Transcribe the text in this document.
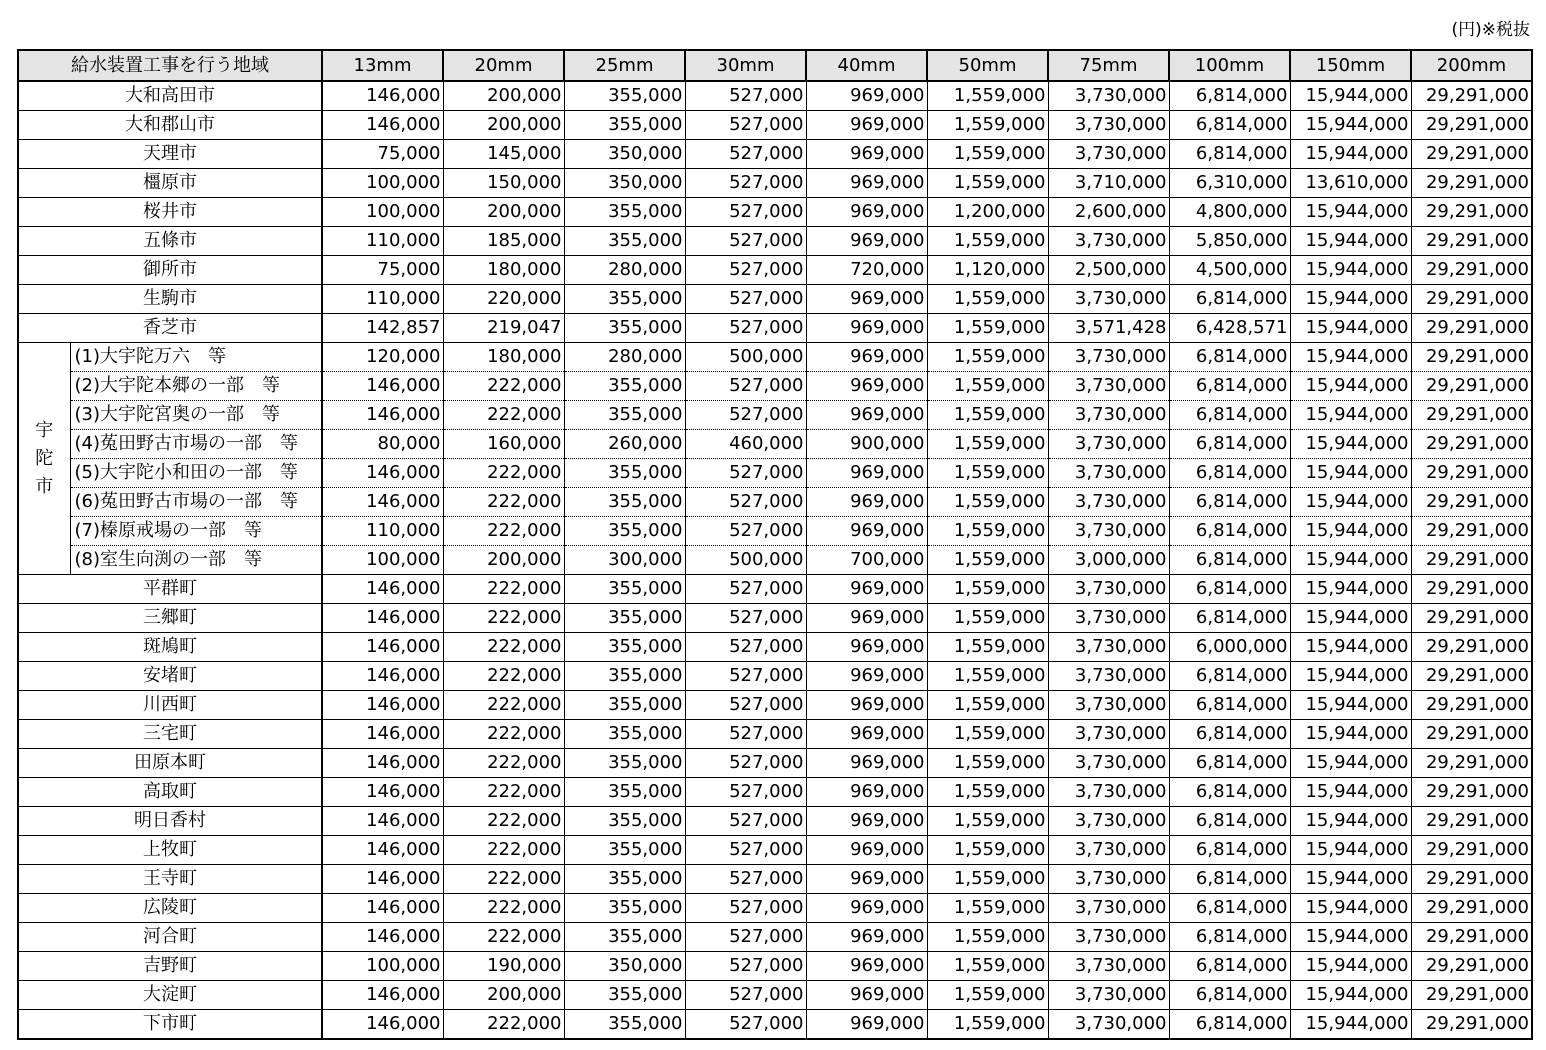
(円)※税抜
給水装置工事を行う地域		13mm	20mm	25mm	30mm	40mm	50mm	75mm	100mm	150mm	200mm
大和高田市		146,000	200,000	355,000	527,000	969,000	1,559,000	3,730,000	6,814,000	15,944,000	29,291,000
大和郡山市		146,000	200,000	355,000	527,000	969,000	1,559,000	3,730,000	6,814,000	15,944,000	29,291,000
天理市		75,000	145,000	350,000	527,000	969,000	1,559,000	3,730,000	6,814,000	15,944,000	29,291,000
橿原市		100,000	150,000	350,000	527,000	969,000	1,559,000	3,710,000	6,310,000	13,610,000	29,291,000
桜井市		100,000	200,000	355,000	527,000	969,000	1,200,000	2,600,000	4,800,000	15,944,000	29,291,000
五條市		110,000	185,000	355,000	527,000	969,000	1,559,000	3,730,000	5,850,000	15,944,000	29,291,000
御所市		75,000	180,000	280,000	527,000	720,000	1,120,000	2,500,000	4,500,000	15,944,000	29,291,000
生駒市		110,000	220,000	355,000	527,000	969,000	1,559,000	3,730,000	6,814,000	15,944,000	29,291,000
香芝市		142,857	219,047	355,000	527,000	969,000	1,559,000	3,571,428	6,428,571	15,944,000	29,291,000

宇
陀
市	(1)大宇陀万六　等	120,000	180,000	280,000	500,000	969,000	1,559,000	3,730,000	6,814,000	15,944,000	29,291,000
	(2)大宇陀本郷の一部　等	146,000	222,000	355,000	527,000	969,000	1,559,000	3,730,000	6,814,000	15,944,000	29,291,000
	(3)大宇陀宮奥の一部　等	146,000	222,000	355,000	527,000	969,000	1,559,000	3,730,000	6,814,000	15,944,000	29,291,000
	(4)菟田野古市場の一部　等	80,000	160,000	260,000	460,000	900,000	1,559,000	3,730,000	6,814,000	15,944,000	29,291,000
	(5)大宇陀小和田の一部　等	146,000	222,000	355,000	527,000	969,000	1,559,000	3,730,000	6,814,000	15,944,000	29,291,000
	(6)菟田野古市場の一部　等	146,000	222,000	355,000	527,000	969,000	1,559,000	3,730,000	6,814,000	15,944,000	29,291,000
	(7)榛原戒場の一部　等	110,000	222,000	355,000	527,000	969,000	1,559,000	3,730,000	6,814,000	15,944,000	29,291,000
	(8)室生向渕の一部　等	100,000	200,000	300,000	500,000	700,000	1,559,000	3,000,000	6,814,000	15,944,000	29,291,000
平群町		146,000	222,000	355,000	527,000	969,000	1,559,000	3,730,000	6,814,000	15,944,000	29,291,000
三郷町		146,000	222,000	355,000	527,000	969,000	1,559,000	3,730,000	6,814,000	15,944,000	29,291,000
斑鳩町		146,000	222,000	355,000	527,000	969,000	1,559,000	3,730,000	6,000,000	15,944,000	29,291,000
安堵町		146,000	222,000	355,000	527,000	969,000	1,559,000	3,730,000	6,814,000	15,944,000	29,291,000
川西町		146,000	222,000	355,000	527,000	969,000	1,559,000	3,730,000	6,814,000	15,944,000	29,291,000
三宅町		146,000	222,000	355,000	527,000	969,000	1,559,000	3,730,000	6,814,000	15,944,000	29,291,000
田原本町		146,000	222,000	355,000	527,000	969,000	1,559,000	3,730,000	6,814,000	15,944,000	29,291,000
高取町		146,000	222,000	355,000	527,000	969,000	1,559,000	3,730,000	6,814,000	15,944,000	29,291,000
明日香村		146,000	222,000	355,000	527,000	969,000	1,559,000	3,730,000	6,814,000	15,944,000	29,291,000
上牧町		146,000	222,000	355,000	527,000	969,000	1,559,000	3,730,000	6,814,000	15,944,000	29,291,000
王寺町		146,000	222,000	355,000	527,000	969,000	1,559,000	3,730,000	6,814,000	15,944,000	29,291,000
広陵町		146,000	222,000	355,000	527,000	969,000	1,559,000	3,730,000	6,814,000	15,944,000	29,291,000
河合町		146,000	222,000	355,000	527,000	969,000	1,559,000	3,730,000	6,814,000	15,944,000	29,291,000
吉野町		100,000	190,000	350,000	527,000	969,000	1,559,000	3,730,000	6,814,000	15,944,000	29,291,000
大淀町		146,000	200,000	355,000	527,000	969,000	1,559,000	3,730,000	6,814,000	15,944,000	29,291,000
下市町		146,000	222,000	355,000	527,000	969,000	1,559,000	3,730,000	6,814,000	15,944,000	29,291,000
